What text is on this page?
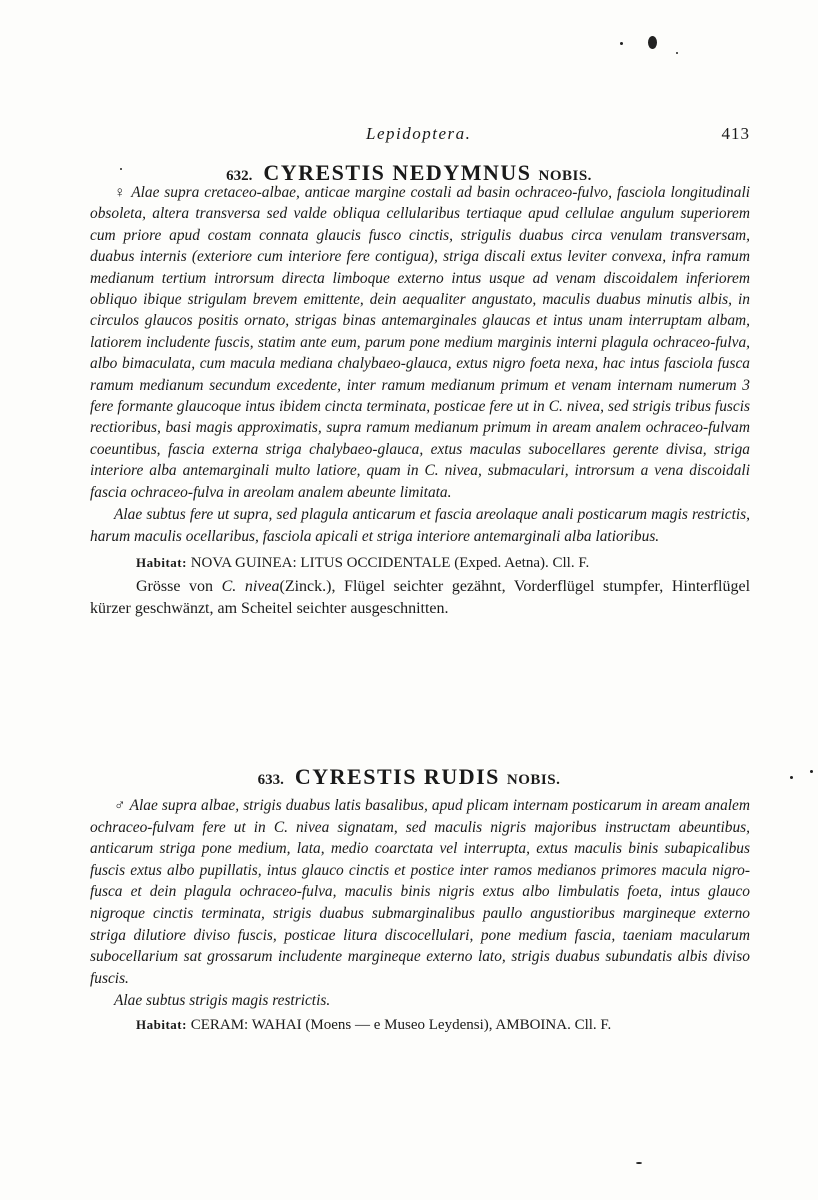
Lepidoptera.	413
632. CYRESTIS NEDYMNUS NOBIS.

♀ Alae supra cretaceo-albae, anticae margine costali ad basin ochraceo-fulvo, fasciola longitudinali obsoleta, altera transversa sed valde obliqua cellularibus tertiaque apud cellulae angulum superiorem cum priore apud costam connata glaucis fusco cinctis, strigulis duabus circa venulam transversam, duabus internis (exteriore cum interiore fere contigua), striga discali extus leviter convexa, infra ramum medianum tertium introrsum directa limboque externo intus usque ad venam discoidalem inferiorem obliquo ibique strigulam brevem emittente, dein aequaliter angustato, maculis duabus minutis albis, in circulos glaucos positis ornato, strigas binas antemarginales glaucas et intus unam interruptam albam, latiorem includente fuscis, statim ante eum, parum pone medium marginis interni plagula ochraceo-fulva, albo bimaculata, cum macula mediana chalybaeo-glauca, extus nigro foeta nexa, hac intus fasciola fusca ramum medianum secundum excedente, inter ramum medianum primum et venam internam numerum 3 fere formante glaucoque intus ibidem cincta terminata, posticae fere ut in C. nivea, sed strigis tribus fuscis rectioribus, basi magis approximatis, supra ramum medianum primum in aream analem ochraceo-fulvam coeuntibus, fascia externa striga chalybaeo-glauca, extus maculas subocellares gerente divisa, striga interiore alba antemarginali multo latiore, quam in C. nivea, submaculari, introrsum a vena discoidali fascia ochraceo-fulva in areolam analem abeunte limitata.

Alae subtus fere ut supra, sed plagula anticarum et fascia areolaque anali posticarum magis restrictis, harum maculis ocellaribus, fasciola apicali et striga interiore antemarginali alba latioribus.

Habitat: NOVA GUINEA: LITUS OCCIDENTALE (Exped. Aetna). Cll. F.

Grösse von C. nivea(Zinck.), Flügel seichter gezähnt, Vorderflügel stumpfer, Hinterflügel kürzer geschwänzt, am Scheitel seichter ausgeschnitten.

633. CYRESTIS RUDIS NOBIS.

♂ Alae supra albae, strigis duabus latis basalibus, apud plicam internam posticarum in aream analem ochraceo-fulvam fere ut in C. nivea signatam, sed maculis nigris majoribus instructam abeuntibus, anticarum striga pone medium, lata, medio coarctata vel interrupta, extus maculis binis subapicalibus fuscis extus albo pupillatis, intus glauco cinctis et postice inter ramos medianos primores macula nigro-fusca et dein plagula ochraceo-fulva, maculis binis nigris extus albo limbulatis foeta, intus glauco nigroque cinctis terminata, strigis duabus submarginalibus paullo angustioribus margineque externo striga dilutiore diviso fuscis, posticae litura discocellulari, pone medium fascia, taeniam macularum subocellarium sat grossarum includente margineque externo lato, strigis duabus subundatis albis diviso fuscis.

Alae subtus strigis magis restrictis.

Habitat: CERAM: WAHAI (Moens — e Museo Leydensi), AMBOINA. Cll. F.
